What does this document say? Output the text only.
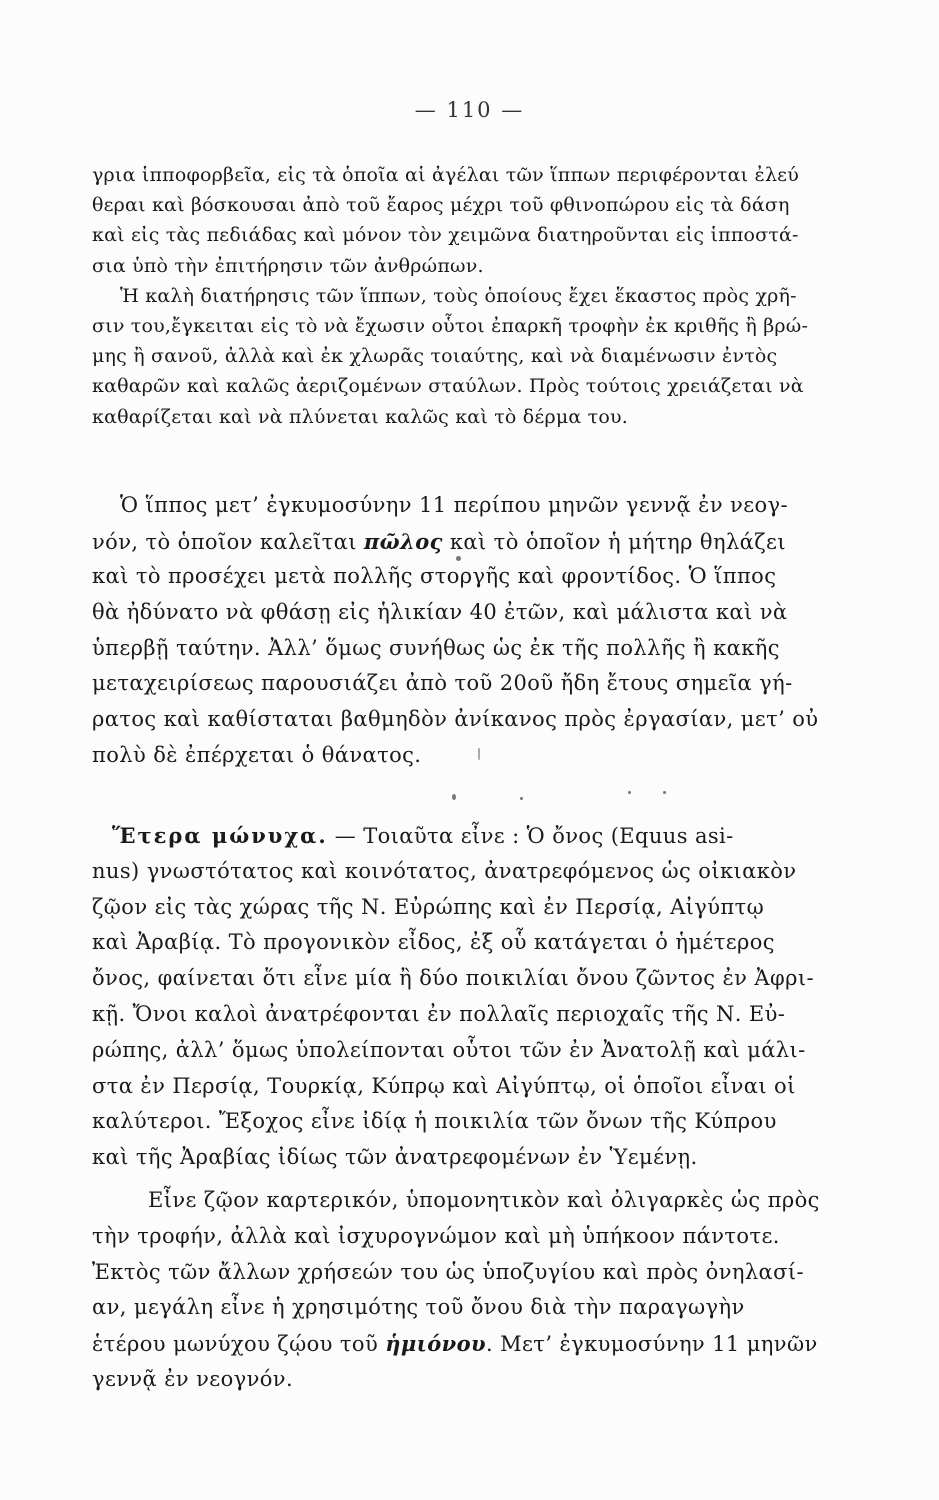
— 110 —
γρια ἱπποφορβεῖα, εἰς τὰ ὁποῖα αἱ ἀγέλαι τῶν ἵππων περιφέρονται ἐλεύ
θεραι καὶ βόσκουσαι ἀπὸ τοῦ ἔαρος μέχρι τοῦ φθινοπώρου εἰς τὰ δάση
καὶ εἰς τὰς πεδιάδας καὶ μόνον τὸν χειμῶνα διατηροῦνται εἰς ἱπποστά-
σια ὑπὸ τὴν ἐπιτήρησιν τῶν ἀνθρώπων.
Ἡ καλὴ διατήρησις τῶν ἵππων, τοὺς ὁποίους ἔχει ἕκαστος πρὸς χρῆ-
σιν του,ἔγκειται εἰς τὸ νὰ ἔχωσιν οὗτοι ἐπαρκῆ τροφὴν ἐκ κριθῆς ἢ βρώ-
μης ἢ σανοῦ, ἀλλὰ καὶ ἐκ χλωρᾶς τοιαύτης, καὶ νὰ διαμένωσιν ἐντὸς
καθαρῶν καὶ καλῶς ἀεριζομένων σταύλων. Πρὸς τούτοις χρειάζεται νὰ
καθαρίζεται καὶ νὰ πλύνεται καλῶς καὶ τὸ δέρμα του.
Ὁ ἵππος μετ’ ἐγκυμοσύνην 11 περίπου μηνῶν γεννᾷ ἐν νεογ-
νόν, τὸ ὁποῖον καλεῖται πῶλος καὶ τὸ ὁποῖον ἡ μήτηρ θηλάζει
καὶ τὸ προσέχει μετὰ πολλῆς στοργῆς καὶ φροντίδος. Ὁ ἵππος
θὰ ἠδύνατο νὰ φθάσῃ εἰς ἡλικίαν 40 ἐτῶν, καὶ μάλιστα καὶ νὰ
ὑπερβῇ ταύτην. Ἀλλ’ ὅμως συνήθως ὡς ἐκ τῆς πολλῆς ἢ κακῆς
μεταχειρίσεως παρουσιάζει ἀπὸ τοῦ 20οῦ ἤδη ἔτους σημεῖα γή-
ρατος καὶ καθίσταται βαθμηδὸν ἀνίκανος πρὸς ἐργασίαν, μετ’ οὐ
πολὺ δὲ ἐπέρχεται ὁ θάνατος.
Ἕτερα μώνυχα. — Τοιαῦτα εἶνε : Ὁ ὄνος (Equus asi-
nus) γνωστότατος καὶ κοινότατος, ἀνατρεφόμενος ὡς οἰκιακὸν
ζῷον εἰς τὰς χώρας τῆς Ν. Εὐρώπης καὶ ἐν Περσίᾳ, Αἰγύπτῳ
καὶ Ἀραβίᾳ. Τὸ προγονικὸν εἶδος, ἐξ οὗ κατάγεται ὁ ἡμέτερος
ὄνος, φαίνεται ὅτι εἶνε μία ἢ δύο ποικιλίαι ὄνου ζῶντος ἐν Ἀφρι-
κῇ. Ὄνοι καλοὶ ἀνατρέφονται ἐν πολλαῖς περιοχαῖς τῆς Ν. Εὐ-
ρώπης, ἀλλ’ ὅμως ὑπολείπονται οὗτοι τῶν ἐν Ἀνατολῇ καὶ μάλι-
στα ἐν Περσίᾳ, Τουρκίᾳ, Κύπρῳ καὶ Αἰγύπτῳ, οἱ ὁποῖοι εἶναι οἱ
καλύτεροι. Ἔξοχος εἶνε ἰδίᾳ ἡ ποικιλία τῶν ὄνων τῆς Κύπρου
καὶ τῆς Ἀραβίας ἰδίως τῶν ἀνατρεφομένων ἐν Ὑεμένῃ.
Εἶνε ζῷον καρτερικόν, ὑπομονητικὸν καὶ ὀλιγαρκὲς ὡς πρὸς
τὴν τροφήν, ἀλλὰ καὶ ἰσχυρογνώμον καὶ μὴ ὑπήκοον πάντοτε.
Ἐκτὸς τῶν ἄλλων χρήσεών του ὡς ὑποζυγίου καὶ πρὸς ὀνηλασί-
αν, μεγάλη εἶνε ἡ χρησιμότης τοῦ ὄνου διὰ τὴν παραγωγὴν
ἑτέρου μωνύχου ζῴου τοῦ ἡμιόνου. Μετ’ ἐγκυμοσύνην 11 μηνῶν
γεννᾷ ἐν νεογνόν.
